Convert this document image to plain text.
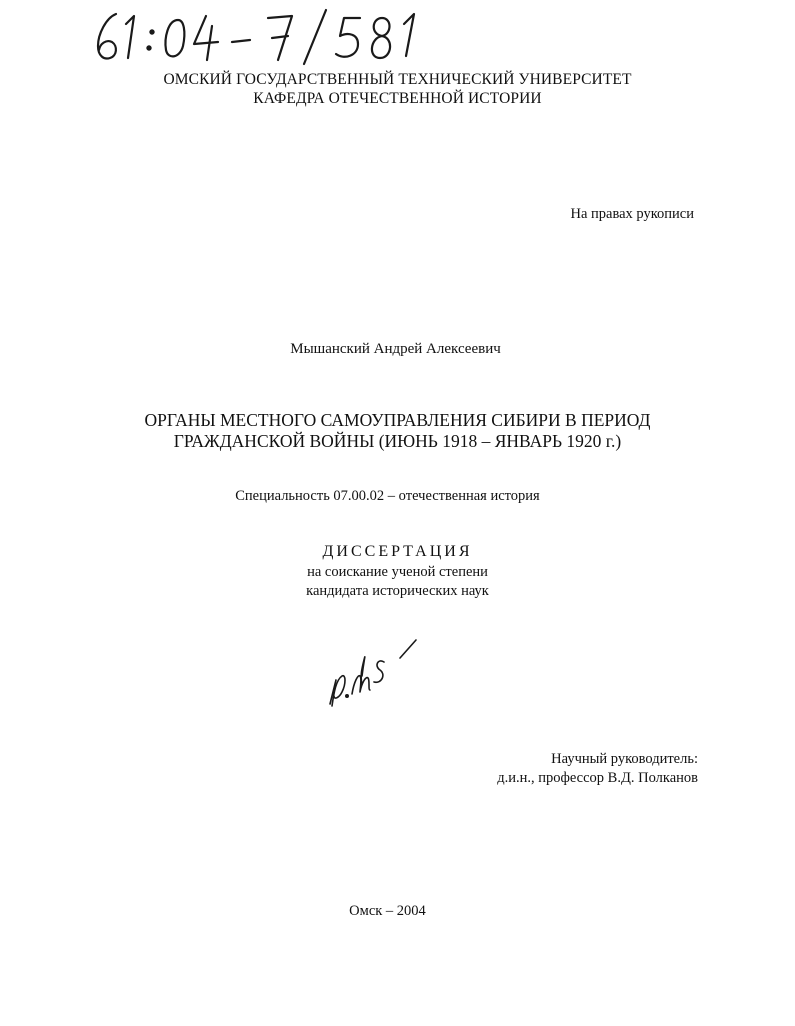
ОМСКИЙ ГОСУДАРСТВЕННЫЙ ТЕХНИЧЕСКИЙ УНИВЕРСИТЕТ
КАФЕДРА ОТЕЧЕСТВЕННОЙ ИСТОРИИ
На правах рукописи
Мышанский Андрей Алексеевич
ОРГАНЫ МЕСТНОГО САМОУПРАВЛЕНИЯ СИБИРИ В ПЕРИОД
ГРАЖДАНСКОЙ ВОЙНЫ (ИЮНЬ 1918 – ЯНВАРЬ 1920 г.)
Специальность 07.00.02 – отечественная история
ДИССЕРТАЦИЯ
на соискание ученой степени
кандидата исторических наук
Научный руководитель:
д.и.н., профессор В.Д. Полканов
Омск – 2004
